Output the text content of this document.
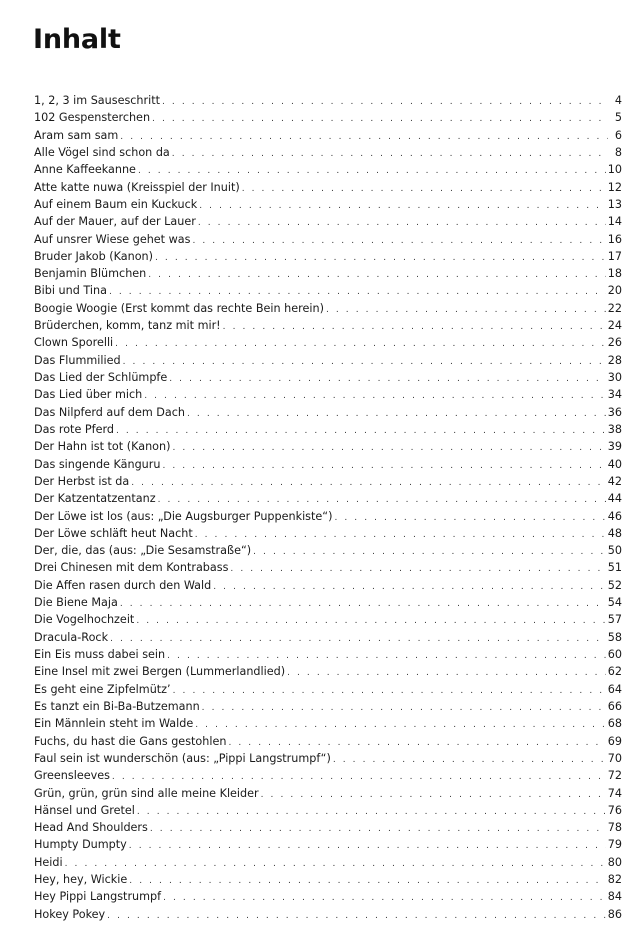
Inhalt
1, 2, 3 im Sauseschritt . . .	4
102 Gespensterchen . . .	5
Aram sam sam . . .	6
Alle Vögel sind schon da . . .	8
Anne Kaffeekanne . . .	10
Atte katte nuwa (Kreisspiel der Inuit) . . .	12
Auf einem Baum ein Kuckuck . . .	13
Auf der Mauer, auf der Lauer . . .	14
Auf unsrer Wiese gehet was . . .	16
Bruder Jakob (Kanon) . . .	17
Benjamin Blümchen . . .	18
Bibi und Tina . . .	20
Boogie Woogie (Erst kommt das rechte Bein herein) . . .	22
Brüderchen, komm, tanz mit mir! . . .	24
Clown Sporelli . . .	26
Das Flummilied . . .	28
Das Lied der Schlümpfe . . .	30
Das Lied über mich . . .	34
Das Nilpferd auf dem Dach . . .	36
Das rote Pferd . . .	38
Der Hahn ist tot (Kanon) . . .	39
Das singende Känguru . . .	40
Der Herbst ist da . . .	42
Der Katzentatzentanz . . .	44
Der Löwe ist los (aus: „Die Augsburger Puppenkiste“) . . .	46
Der Löwe schläft heut Nacht . . .	48
Der, die, das (aus: „Die Sesamstraße“) . . .	50
Drei Chinesen mit dem Kontrabass . . .	51
Die Affen rasen durch den Wald . . .	52
Die Biene Maja . . .	54
Die Vogelhochzeit . . .	57
Dracula-Rock . . .	58
Ein Eis muss dabei sein . . .	60
Eine Insel mit zwei Bergen (Lummerlandlied) . . .	62
Es geht eine Zipfelmütz’ . . .	64
Es tanzt ein Bi-Ba-Butzemann . . .	66
Ein Männlein steht im Walde . . .	68
Fuchs, du hast die Gans gestohlen . . .	69
Faul sein ist wunderschön (aus: „Pippi Langstrumpf“) . . .	70
Greensleeves . . .	72
Grün, grün, grün sind alle meine Kleider . . .	74
Hänsel und Gretel . . .	76
Head And Shoulders . . .	78
Humpty Dumpty . . .	79
Heidi . . .	80
Hey, hey, Wickie . . .	82
Hey Pippi Langstrumpf . . .	84
Hokey Pokey . . .	86
